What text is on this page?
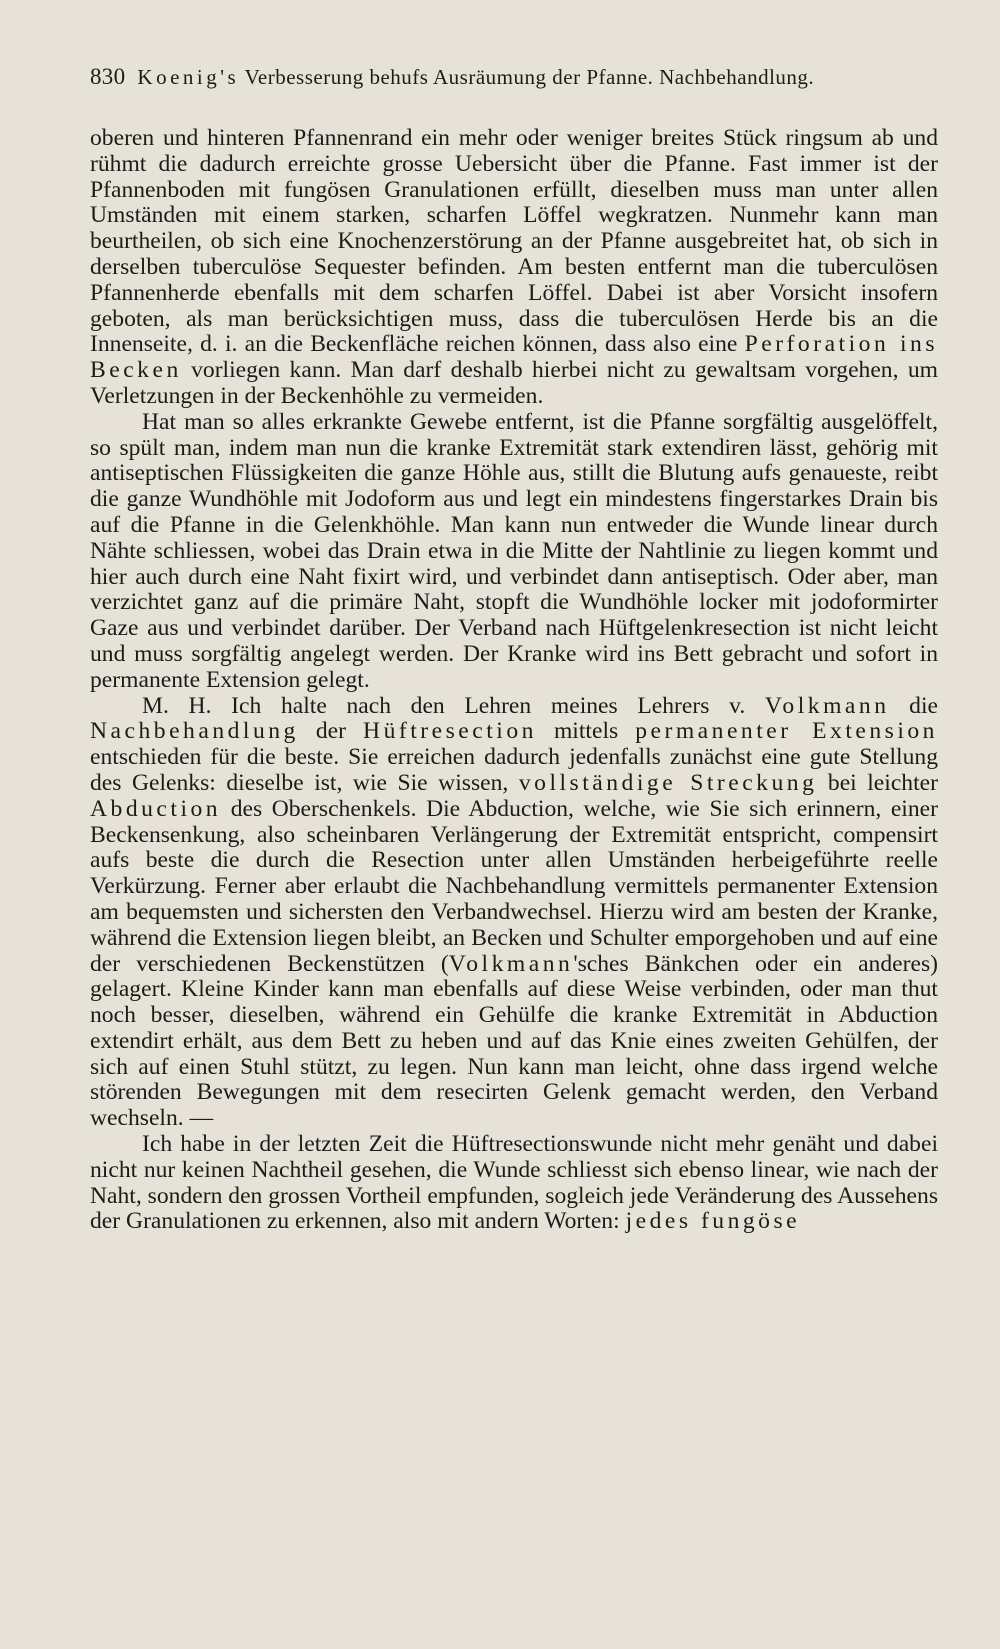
830 Koenig's Verbesserung behufs Ausräumung der Pfanne. Nachbehandlung.

oberen und hinteren Pfannenrand ein mehr oder weniger breites Stück ringsum ab und rühmt die dadurch erreichte grosse Uebersicht über die Pfanne. Fast immer ist der Pfannenboden mit fungösen Granulationen erfüllt, dieselben muss man unter allen Umständen mit einem starken, scharfen Löffel wegkratzen. Nunmehr kann man beurtheilen, ob sich eine Knochenzerstörung an der Pfanne ausgebreitet hat, ob sich in derselben tuberculöse Sequester befinden. Am besten entfernt man die tuberculösen Pfannenherde ebenfalls mit dem scharfen Löffel. Dabei ist aber Vorsicht insofern geboten, als man berücksichtigen muss, dass die tuberculösen Herde bis an die Innenseite, d. i. an die Beckenfläche reichen können, dass also eine Perforation ins Becken vorliegen kann. Man darf deshalb hierbei nicht zu gewaltsam vorgehen, um Verletzungen in der Beckenhöhle zu vermeiden.

Hat man so alles erkrankte Gewebe entfernt, ist die Pfanne sorgfältig ausgelöffelt, so spült man, indem man nun die kranke Extremität stark extendiren lässt, gehörig mit antiseptischen Flüssigkeiten die ganze Höhle aus, stillt die Blutung aufs genaueste, reibt die ganze Wundhöhle mit Jodoform aus und legt ein mindestens fingerstarkes Drain bis auf die Pfanne in die Gelenkhöhle. Man kann nun entweder die Wunde linear durch Nähte schliessen, wobei das Drain etwa in die Mitte der Nahtlinie zu liegen kommt und hier auch durch eine Naht fixirt wird, und verbindet dann antiseptisch. Oder aber, man verzichtet ganz auf die primäre Naht, stopft die Wundhöhle locker mit jodoformirter Gaze aus und verbindet darüber. Der Verband nach Hüftgelenkresection ist nicht leicht und muss sorgfältig angelegt werden. Der Kranke wird ins Bett gebracht und sofort in permanente Extension gelegt.

M. H. Ich halte nach den Lehren meines Lehrers v. Volkmann die Nachbehandlung der Hüftresection mittels permanenter Extension entschieden für die beste. Sie erreichen dadurch jedenfalls zunächst eine gute Stellung des Gelenks: dieselbe ist, wie Sie wissen, vollständige Streckung bei leichter Abduction des Oberschenkels. Die Abduction, welche, wie Sie sich erinnern, einer Beckensenkung, also scheinbaren Verlängerung der Extremität entspricht, compensirt aufs beste die durch die Resection unter allen Umständen herbeigeführte reelle Verkürzung. Ferner aber erlaubt die Nachbehandlung vermittels permanenter Extension am bequemsten und sichersten den Verbandwechsel. Hierzu wird am besten der Kranke, während die Extension liegen bleibt, an Becken und Schulter emporgehoben und auf eine der verschiedenen Beckenstützen (Volkmann'sches Bänkchen oder ein anderes) gelagert. Kleine Kinder kann man ebenfalls auf diese Weise verbinden, oder man thut noch besser, dieselben, während ein Gehülfe die kranke Extremität in Abduction extendirt erhält, aus dem Bett zu heben und auf das Knie eines zweiten Gehülfen, der sich auf einen Stuhl stützt, zu legen. Nun kann man leicht, ohne dass irgend welche störenden Bewegungen mit dem resecirten Gelenk gemacht werden, den Verband wechseln. —

Ich habe in der letzten Zeit die Hüftresectionswunde nicht mehr genäht und dabei nicht nur keinen Nachtheil gesehen, die Wunde schliesst sich ebenso linear, wie nach der Naht, sondern den grossen Vortheil empfunden, sogleich jede Veränderung des Aussehens der Granulationen zu erkennen, also mit andern Worten: jedes fungöse
